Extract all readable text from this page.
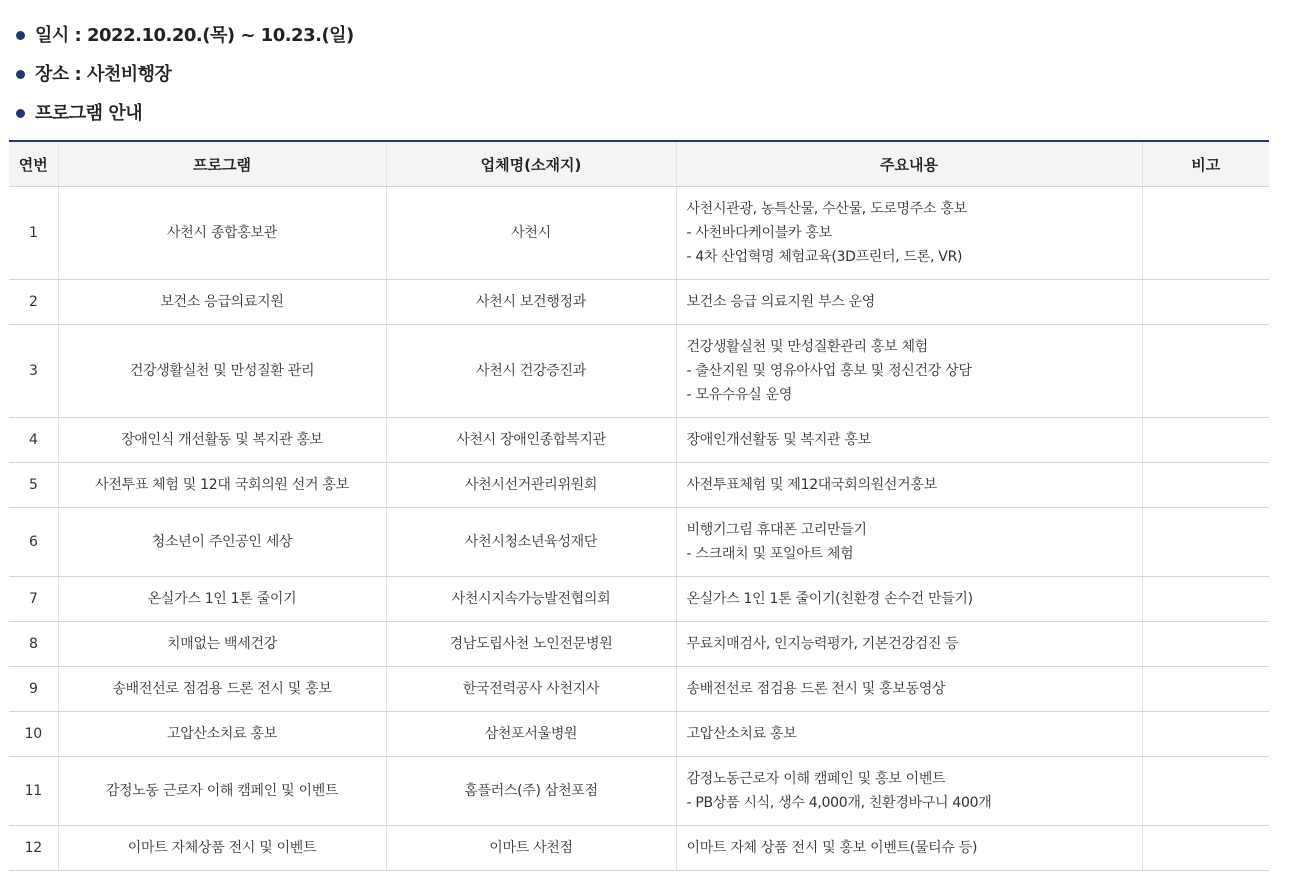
일시 : 2022.10.20.(목) ~ 10.23.(일)
장소 : 사천비행장
프로그램 안내
연번	프로그램	업체명(소재지)	주요내용	비고
1	사천시 종합홍보관	사천시	사천시관광, 농특산물, 수산물, 도로명주소 홍보
- 사천바다케이블카 홍보
- 4차 산업혁명 체험교육(3D프린터, 드론, VR)	

2	보건소 응급의료지원	사천시 보건행정과	보건소 응급 의료지원 부스 운영	

3	건강생활실천 및 만성질환 관리	사천시 건강증진과	건강생활실천 및 만성질환관리 홍보 체험
- 출산지원 및 영유아사업 홍보 및 정신건강 상담
- 모유수유실 운영	

4	장애인식 개선활동 및 복지관 홍보	사천시 장애인종합복지관	장애인개선활동 및 복지관 홍보	

5	사전투표 체험 및 12대 국회의원 선거 홍보	사천시선거관리위원회	사전투표체험 및 제12대국회의원선거홍보	

6	청소년이 주인공인 세상	사천시청소년육성재단	비행기그림 휴대폰 고리만들기
- 스크래치 및 포일아트 체험	

7	온실가스 1인 1톤 줄이기	사천시지속가능발전협의회	온실가스 1인 1톤 줄이기(친환경 손수건 만들기)	

8	치매없는 백세건강	경남도립사천 노인전문병원	무료치매검사, 인지능력평가, 기본건강검진 등	

9	송배전선로 점검용 드론 전시 및 홍보	한국전력공사 사천지사	송배전선로 점검용 드론 전시 및 홍보동영상	

10	고압산소치료 홍보	삼천포서울병원	고압산소치료 홍보	

11	감정노동 근로자 이해 캠페인 및 이벤트	홈플러스(주) 삼천포점	감정노동근로자 이해 캠페인 및 홍보 이벤트
- PB상품 시식, 생수 4,000개, 친환경바구니 400개	

12	이마트 자체상품 전시 및 이벤트	이마트 사천점	이마트 자체 상품 전시 및 홍보 이벤트(물티슈 등)	
